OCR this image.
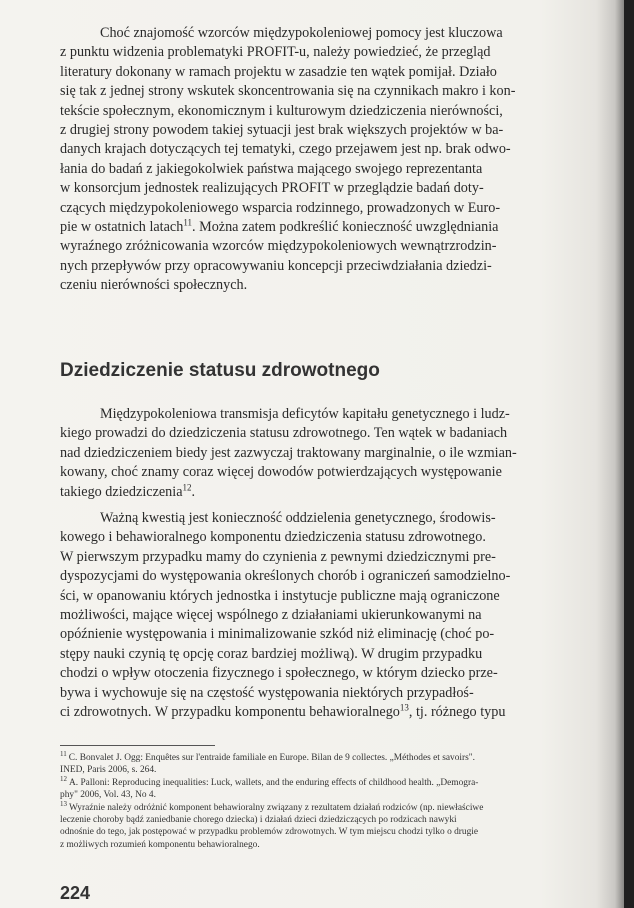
Choć znajomość wzorców międzypokoleniowej pomocy jest kluczowa
z punktu widzenia problematyki PROFIT-u, należy powiedzieć, że przegląd
literatury dokonany w ramach projektu w zasadzie ten wątek pomijał. Działo
się tak z jednej strony wskutek skoncentrowania się na czynnikach makro i kon-
tekście społecznym, ekonomicznym i kulturowym dziedziczenia nierówności,
z drugiej strony powodem takiej sytuacji jest brak większych projektów w ba-
danych krajach dotyczących tej tematyki, czego przejawem jest np. brak odwo-
łania do badań z jakiegokolwiek państwa mającego swojego reprezentanta
w konsorcjum jednostek realizujących PROFIT w przeglądzie badań doty-
czących międzypokoleniowego wsparcia rodzinnego, prowadzonych w Euro-
pie w ostatnich latach$^{11}$. Można zatem podkreślić konieczność uwzględniania
wyraźnego zróżnicowania wzorców międzypokoleniowych wewnątrzrodzin-
nych przepływów przy opracowywaniu koncepcji przeciwdziałania dziedzi-
czeniu nierówności społecznych.
Dziedziczenie statusu zdrowotnego
Międzypokoleniowa transmisja deficytów kapitału genetycznego i ludz-
kiego prowadzi do dziedziczenia statusu zdrowotnego. Ten wątek w badaniach
nad dziedziczeniem biedy jest zazwyczaj traktowany marginalnie, o ile wzmian-
kowany, choć znamy coraz więcej dowodów potwierdzających występowanie
takiego dziedziczenia$^{12}$.
Ważną kwestią jest konieczność oddzielenia genetycznego, środowis-
kowego i behawioralnego komponentu dziedziczenia statusu zdrowotnego.
W pierwszym przypadku mamy do czynienia z pewnymi dziedzicznymi pre-
dyspozycjami do występowania określonych chorób i ograniczeń samodzielno-
ści, w opanowaniu których jednostka i instytucje publiczne mają ograniczone
możliwości, mające więcej wspólnego z działaniami ukierunkowanymi na
opóźnienie występowania i minimalizowanie szkód niż eliminację (choć po-
stępy nauki czynią tę opcję coraz bardziej możliwą). W drugim przypadku
chodzi o wpływ otoczenia fizycznego i społecznego, w którym dziecko prze-
bywa i wychowuje się na częstość występowania niektórych przypadłoś-
ci zdrowotnych. W przypadku komponentu behawioralnego$^{13}$, tj. różnego typu
$^{11}$ C. Bonvalet J. Ogg: Enquêtes sur l'entraide familiale en Europe. Bilan de 9 collectes. „Méthodes et savoirs".
INED, Paris 2006, s. 264.
$^{12}$ A. Palloni: Reproducing inequalities: Luck, wallets, and the enduring effects of childhood health. „Demogra-
phy" 2006, Vol. 43, No 4.
$^{13}$ Wyraźnie należy odróżnić komponent behawioralny związany z rezultatem działań rodziców (np. niewłaściwe
leczenie choroby bądź zaniedbanie chorego dziecka) i działań dzieci dziedziczących po rodzicach nawyki
odnośnie do tego, jak postępować w przypadku problemów zdrowotnych. W tym miejscu chodzi tylko o drugie
z możliwych rozumień komponentu behawioralnego.
224
